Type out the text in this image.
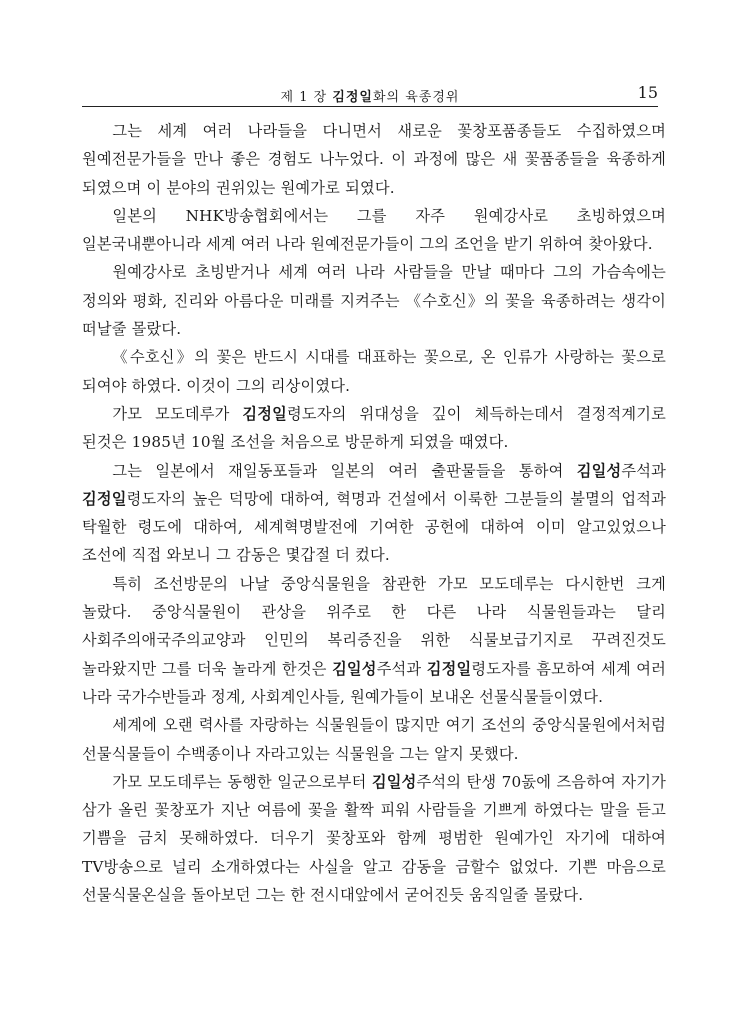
제 1 장 김정일화의 육종경위	15

그는 세계 여러 나라들을 다니면서 새로운 꽃창포품종들도 수집하였으며 원예전문가들을 만나 좋은 경험도 나누었다. 이 과정에 많은 새 꽃품종들을 육종하게 되였으며 이 분야의 권위있는 원예가로 되였다.

일본의 NHK방송협회에서는 그를 자주 원예강사로 초빙하였으며 일본국내뿐아니라 세계 여러 나라 원예전문가들이 그의 조언을 받기 위하여 찾아왔다.

원예강사로 초빙받거나 세계 여러 나라 사람들을 만날 때마다 그의 가슴속에는 정의와 평화, 진리와 아름다운 미래를 지켜주는 《수호신》의 꽃을 육종하려는 생각이 떠날줄 몰랐다.

《수호신》의 꽃은 반드시 시대를 대표하는 꽃으로, 온 인류가 사랑하는 꽃으로 되여야 하였다. 이것이 그의 리상이였다.

가모 모도데루가 김정일령도자의 위대성을 깊이 체득하는데서 결정적계기로 된것은 1985년 10월 조선을 처음으로 방문하게 되였을 때였다.

그는 일본에서 재일동포들과 일본의 여러 출판물들을 통하여 김일성주석과 김정일령도자의 높은 덕망에 대하여, 혁명과 건설에서 이룩한 그분들의 불멸의 업적과 탁월한 령도에 대하여, 세계혁명발전에 기여한 공헌에 대하여 이미 알고있었으나 조선에 직접 와보니 그 감동은 몇갑절 더 컸다.

특히 조선방문의 나날 중앙식물원을 참관한 가모 모도데루는 다시한번 크게 놀랐다. 중앙식물원이 관상을 위주로 한 다른 나라 식물원들과는 달리 사회주의애국주의교양과 인민의 복리증진을 위한 식물보급기지로 꾸려진것도 놀라왔지만 그를 더욱 놀라게 한것은 김일성주석과 김정일령도자를 흠모하여 세계 여러 나라 국가수반들과 정계, 사회계인사들, 원예가들이 보내온 선물식물들이였다.

세계에 오랜 력사를 자랑하는 식물원들이 많지만 여기 조선의 중앙식물원에서처럼 선물식물들이 수백종이나 자라고있는 식물원을 그는 알지 못했다.

가모 모도데루는 동행한 일군으로부터 김일성주석의 탄생 70돐에 즈음하여 자기가 삼가 올린 꽃창포가 지난 여름에 꽃을 활짝 피워 사람들을 기쁘게 하였다는 말을 듣고 기쁨을 금치 못해하였다. 더우기 꽃창포와 함께 평범한 원예가인 자기에 대하여 TV방송으로 널리 소개하였다는 사실을 알고 감동을 금할수 없었다. 기쁜 마음으로 선물식물온실을 돌아보던 그는 한 전시대앞에서 굳어진듯 움직일줄 몰랐다.
